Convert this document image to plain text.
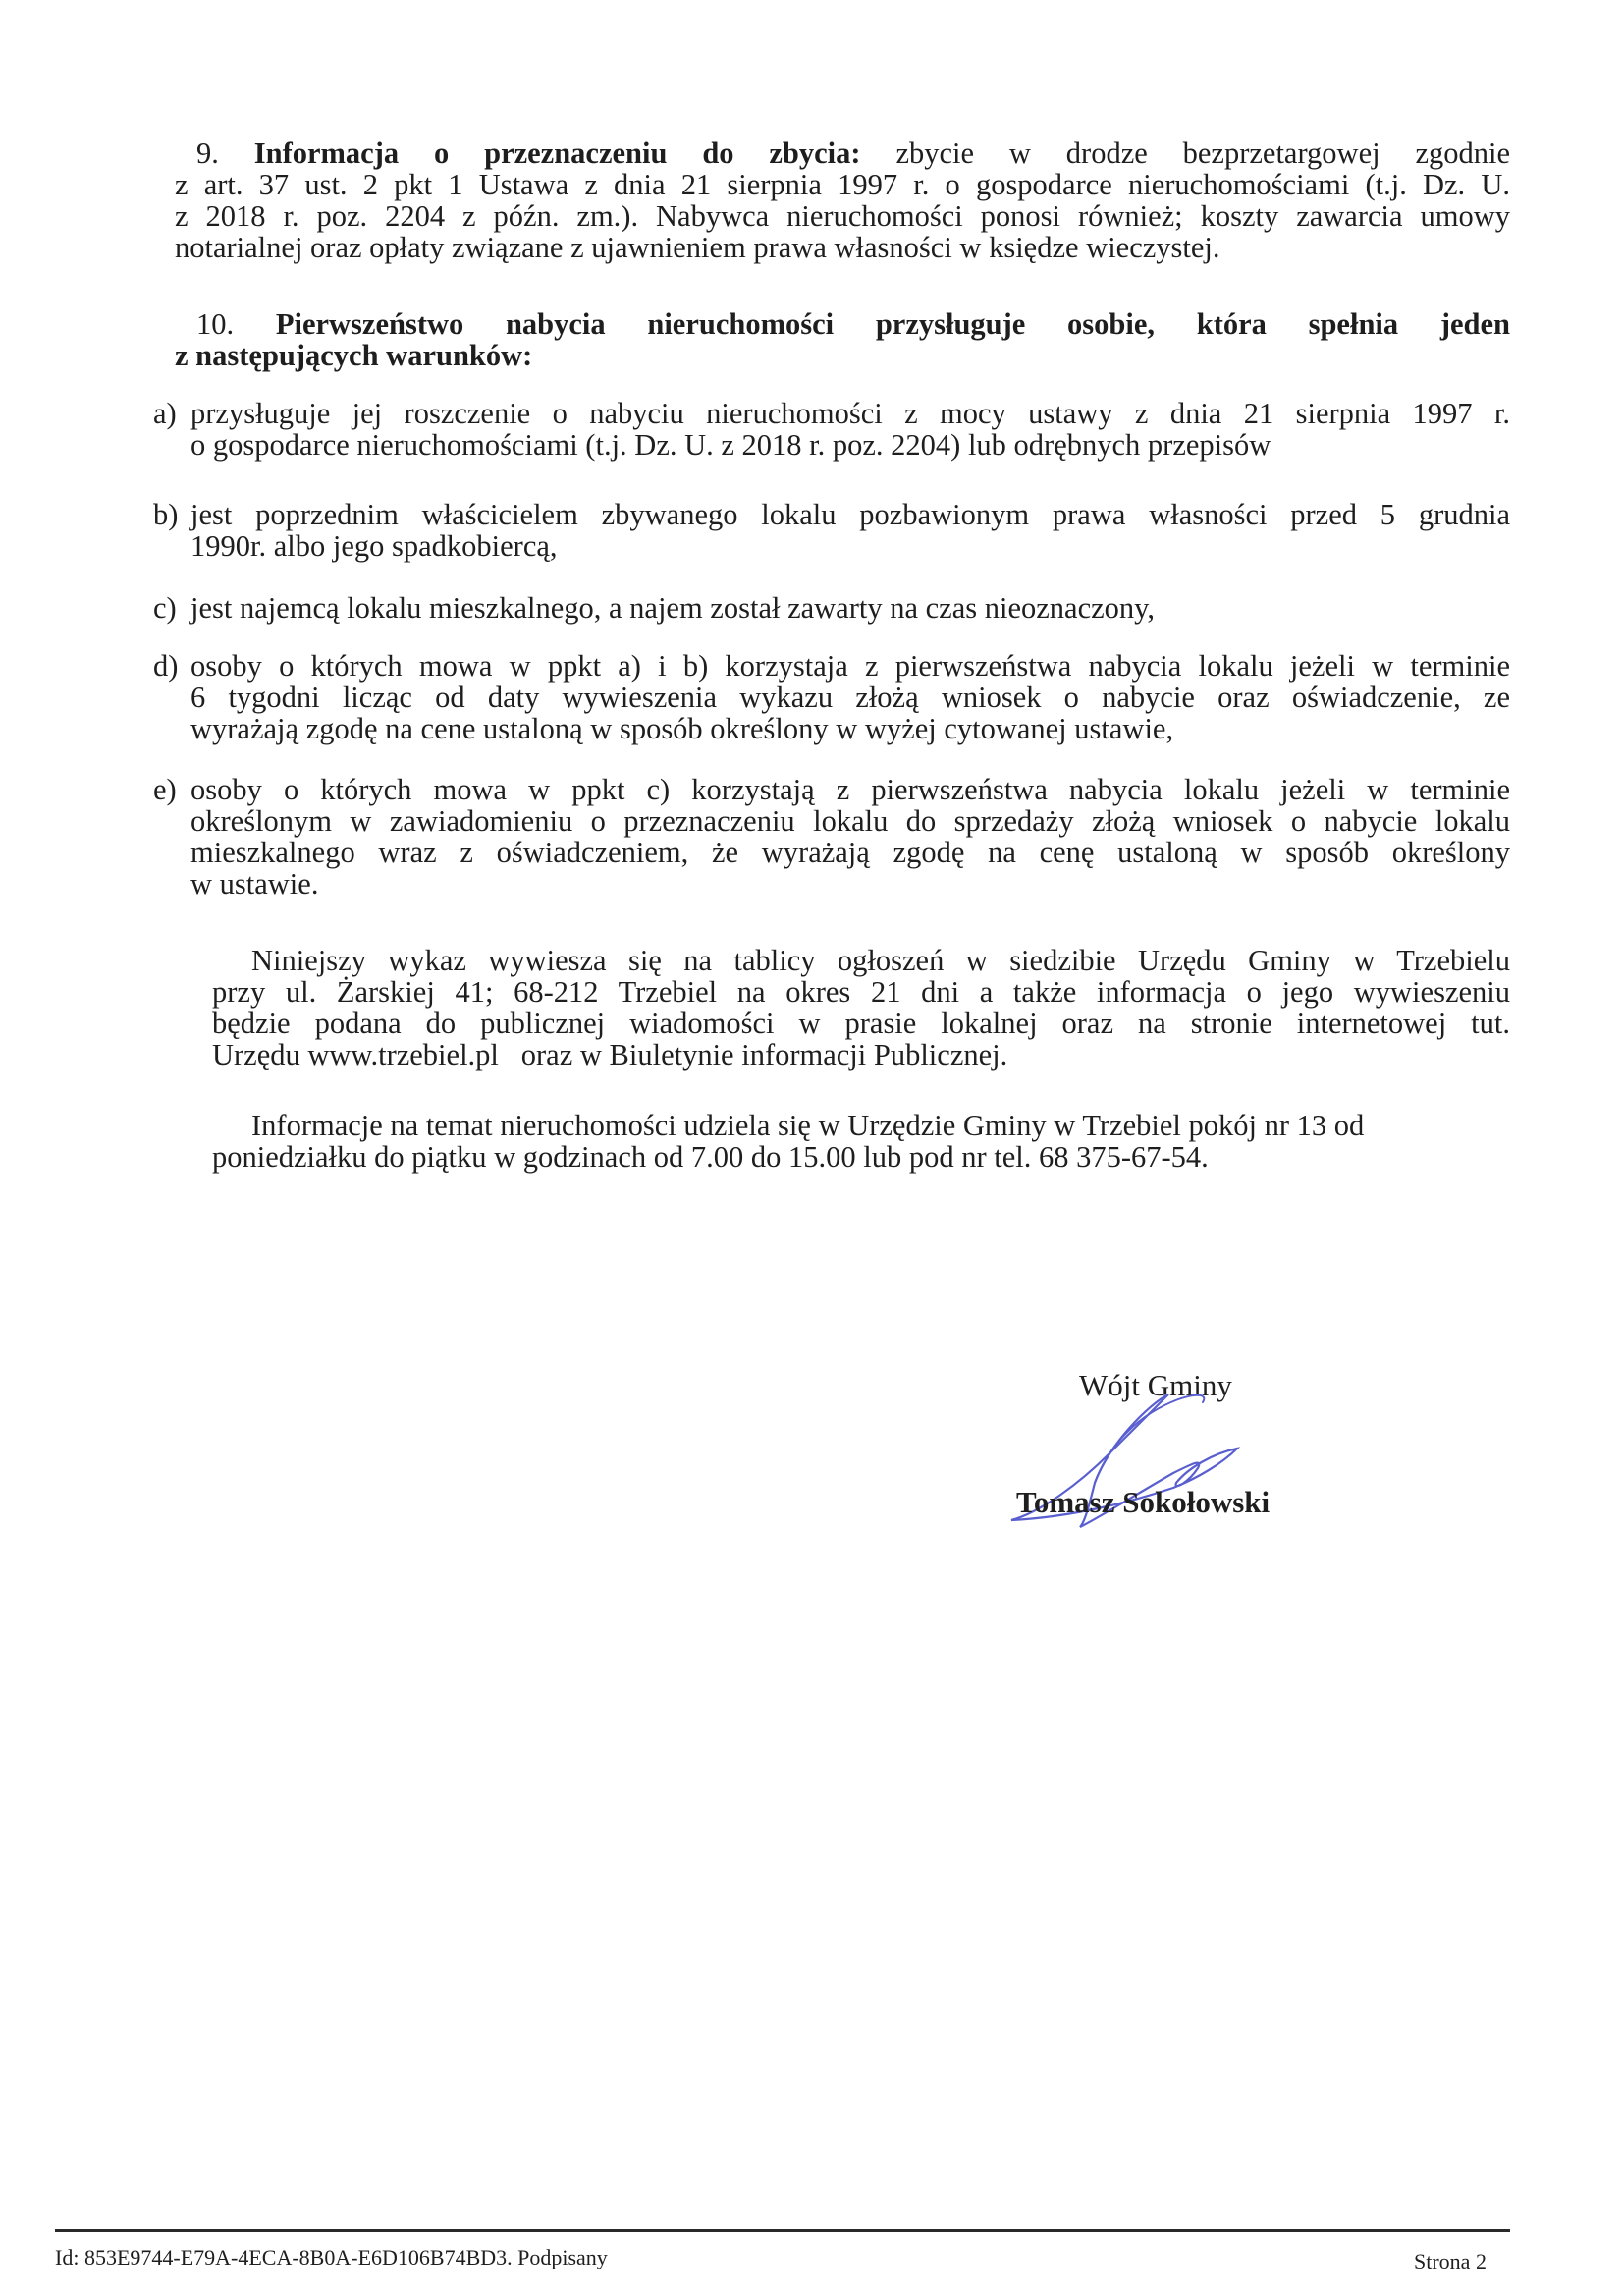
9. Informacja o przeznaczeniu do zbycia: zbycie w drodze bezprzetargowej zgodnie
z art. 37 ust. 2 pkt 1 Ustawa z dnia 21 sierpnia 1997 r. o gospodarce nieruchomościami (t.j. Dz. U.
z 2018 r. poz. 2204 z późn. zm.). Nabywca nieruchomości ponosi również; koszty zawarcia umowy
notarialnej oraz opłaty związane z ujawnieniem prawa własności w księdze wieczystej.
10. Pierwszeństwo nabycia nieruchomości przysługuje osobie, która spełnia jeden
z następujących warunków:
a) przysługuje jej roszczenie o nabyciu nieruchomości z mocy ustawy z dnia 21 sierpnia 1997 r.
o gospodarce nieruchomościami (t.j. Dz. U. z 2018 r. poz. 2204) lub odrębnych przepisów
b) jest poprzednim właścicielem zbywanego lokalu pozbawionym prawa własności przed 5 grudnia
1990r. albo jego spadkobiercą,
c) jest najemcą lokalu mieszkalnego, a najem został zawarty na czas nieoznaczony,
d) osoby o których mowa w ppkt a) i b) korzystaja z pierwszeństwa nabycia lokalu jeżeli w terminie
6 tygodni licząc od daty wywieszenia wykazu złożą wniosek o nabycie oraz oświadczenie, ze
wyrażają zgodę na cene ustaloną w sposób określony w wyżej cytowanej ustawie,
e) osoby o których mowa w ppkt c) korzystają z pierwszeństwa nabycia lokalu jeżeli w terminie
określonym w zawiadomieniu o przeznaczeniu lokalu do sprzedaży złożą wniosek o nabycie lokalu
mieszkalnego wraz z oświadczeniem, że wyrażają zgodę na cenę ustaloną w sposób określony
w ustawie.
Niniejszy wykaz wywiesza się na tablicy ogłoszeń w siedzibie Urzędu Gminy w Trzebielu
przy ul. Żarskiej 41; 68-212 Trzebiel na okres 21 dni a także informacja o jego wywieszeniu
będzie podana do publicznej wiadomości w prasie lokalnej oraz na stronie internetowej tut.
Urzędu www.trzebiel.pl   oraz w Biuletynie informacji Publicznej.
Informacje na temat nieruchomości udziela się w Urzędzie Gminy w Trzebiel pokój nr 13 od
poniedziałku do piątku w godzinach od 7.00 do 15.00 lub pod nr tel. 68 375-67-54.
Wójt Gminy
Tomasz Sokołowski
Id: 853E9744-E79A-4ECA-8B0A-E6D106B74BD3. Podpisany	Strona 2
